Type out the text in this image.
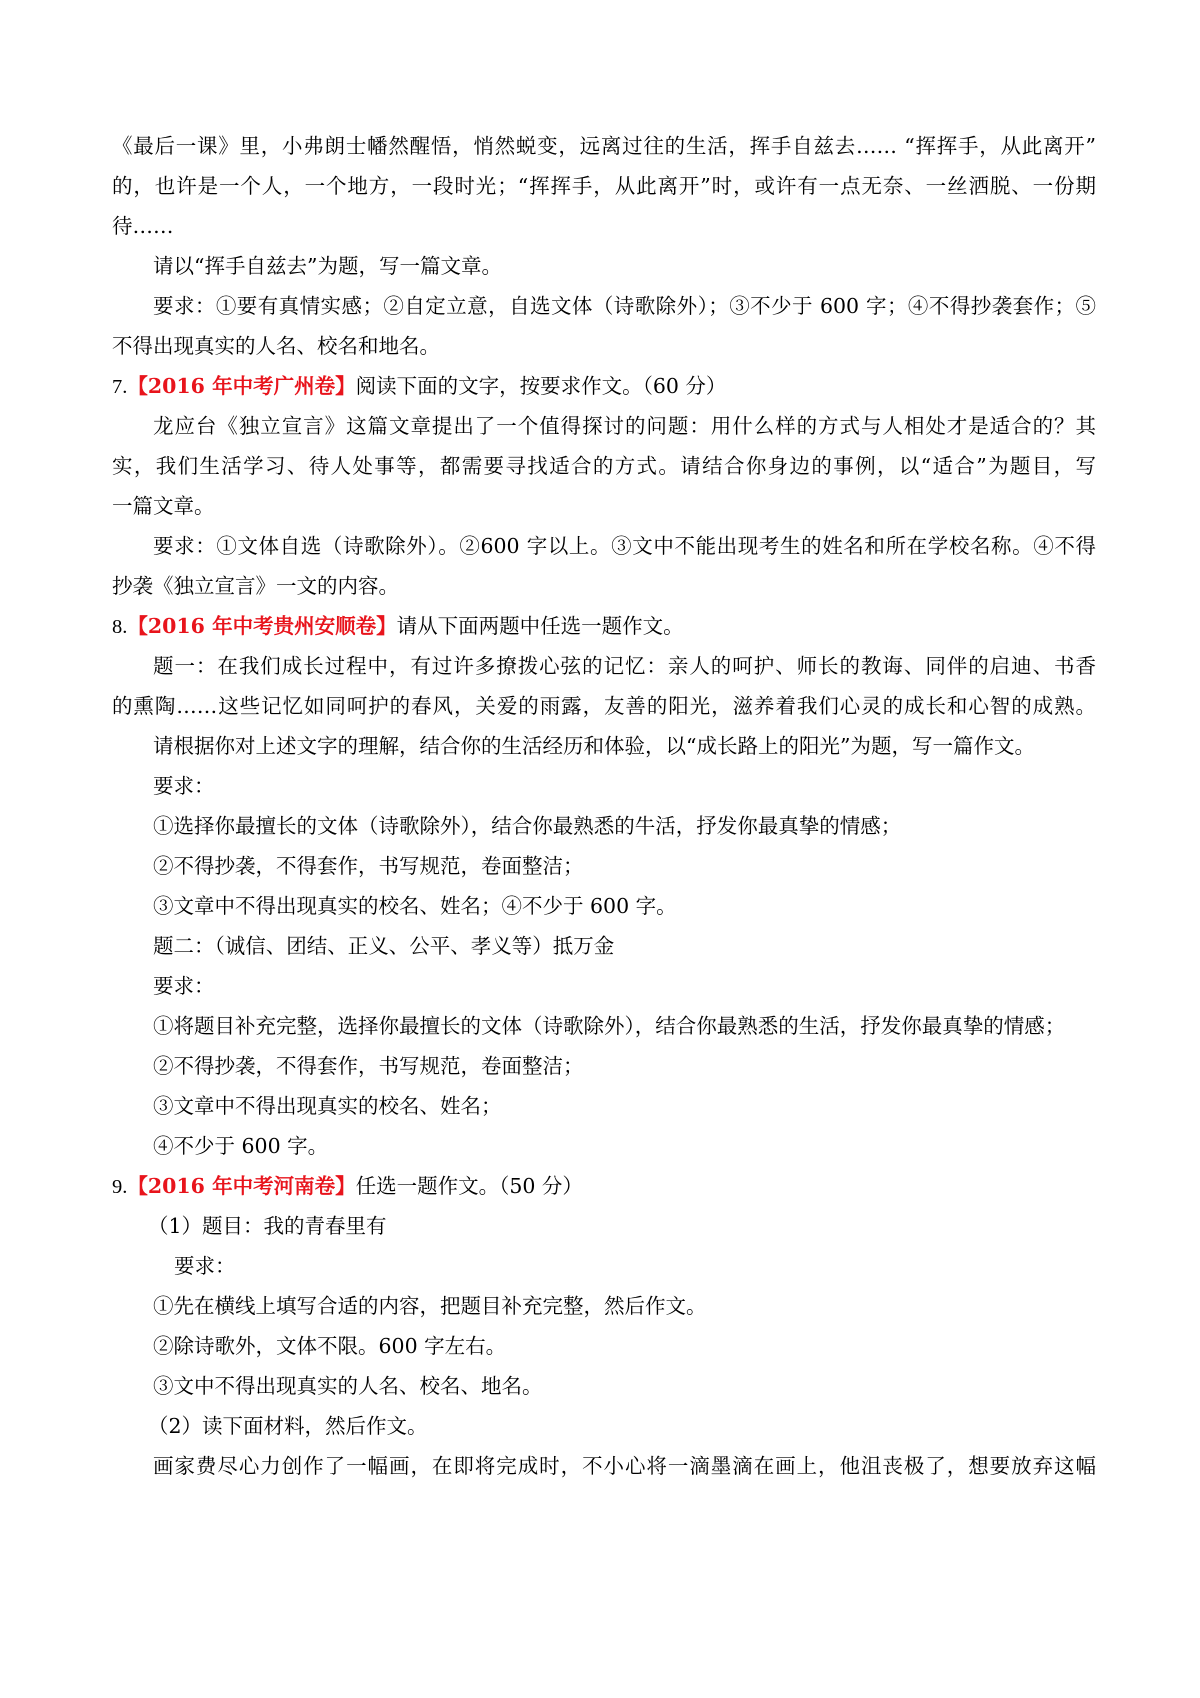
《最后一课》里，小弗朗士幡然醒悟，悄然蜕变，远离过往的生活，挥手自兹去…… “挥挥手，从此离开”
的，也许是一个人，一个地方，一段时光；“挥挥手，从此离开”时，或许有一点无奈、一丝洒脱、一份期
待……
请以“挥手自兹去”为题，写一篇文章。
要求：①要有真情实感；②自定立意，自选文体（诗歌除外）；③不少于 600 字；④不得抄袭套作；⑤
不得出现真实的人名、校名和地名。
7.【2016 年中考广州卷】阅读下面的文字，按要求作文。（60 分）
龙应台《独立宣言》这篇文章提出了一个值得探讨的问题：用什么样的方式与人相处才是适合的？其
实，我们生活学习、待人处事等，都需要寻找适合的方式。请结合你身边的事例，以“适合”为题目，写
一篇文章。
要求：①文体自选（诗歌除外）。②600 字以上。③文中不能出现考生的姓名和所在学校名称。④不得
抄袭《独立宣言》一文的内容。
8.【2016 年中考贵州安顺卷】请从下面两题中任选一题作文。
题一：在我们成长过程中，有过许多撩拨心弦的记忆：亲人的呵护、师长的教诲、同伴的启迪、书香
的熏陶……这些记忆如同呵护的春风，关爱的雨露，友善的阳光，滋养着我们心灵的成长和心智的成熟。
请根据你对上述文字的理解，结合你的生活经历和体验，以“成长路上的阳光”为题，写一篇作文。
要求：
①选择你最擅长的文体（诗歌除外），结合你最熟悉的牛活，抒发你最真挚的情感；
②不得抄袭，不得套作，书写规范，卷面整洁；
③文章中不得出现真实的校名、姓名；④不少于 600 字。
题二：（诚信、团结、正义、公平、孝义等）抵万金
要求：
①将题目补充完整，选择你最擅长的文体（诗歌除外），结合你最熟悉的生活，抒发你最真挚的情感；
②不得抄袭，不得套作，书写规范，卷面整洁；
③文章中不得出现真实的校名、姓名；
④不少于 600 字。
9.【2016 年中考河南卷】任选一题作文。（50 分）
（1）题目：我的青春里有
要求：
①先在横线上填写合适的内容，把题目补充完整，然后作文。
②除诗歌外，文体不限。600 字左右。
③文中不得出现真实的人名、校名、地名。
（2）读下面材料，然后作文。
画家费尽心力创作了一幅画，在即将完成时，不小心将一滴墨滴在画上，他沮丧极了，想要放弃这幅
